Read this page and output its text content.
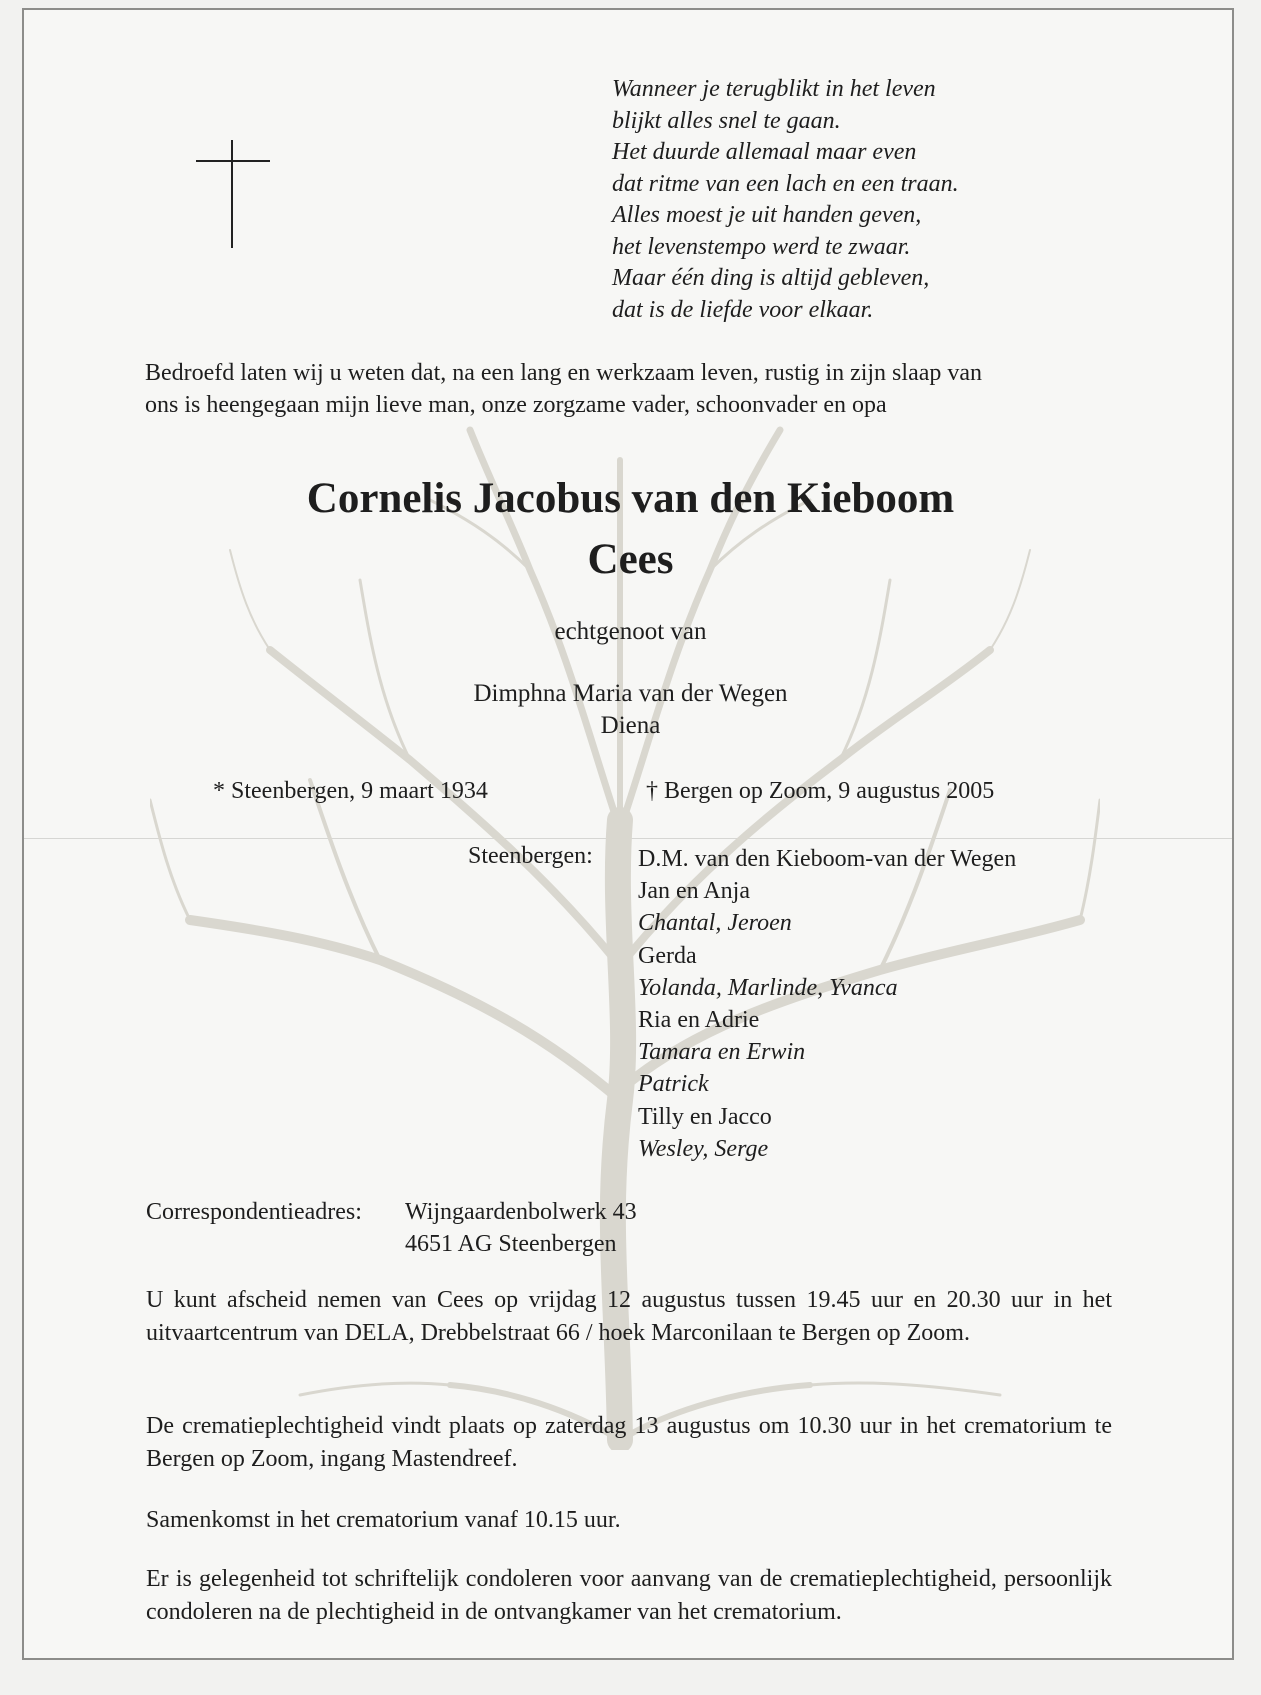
Wanneer je terugblikt in het leven
blijkt alles snel te gaan.
Het duurde allemaal maar even
dat ritme van een lach en een traan.
Alles moest je uit handen geven,
het levenstempo werd te zwaar.
Maar één ding is altijd gebleven,
dat is de liefde voor elkaar.
Bedroefd laten wij u weten dat, na een lang en werkzaam leven, rustig in zijn slaap van
ons is heengegaan mijn lieve man, onze zorgzame vader, schoonvader en opa
Cornelis Jacobus van den Kieboom
Cees
echtgenoot van
Dimphna Maria van der Wegen
Diena
* Steenbergen, 9 maart 1934	† Bergen op Zoom, 9 augustus 2005
Steenbergen: D.M. van den Kieboom-van der Wegen
Jan en Anja
Chantal, Jeroen
Gerda
Yolanda, Marlinde, Yvanca
Ria en Adrie
Tamara en Erwin
Patrick
Tilly en Jacco
Wesley, Serge
Correspondentieadres: Wijngaardenbolwerk 43
4651 AG Steenbergen
U kunt afscheid nemen van Cees op vrijdag 12 augustus tussen 19.45 uur en 20.30 uur in het uitvaartcentrum van DELA, Drebbelstraat 66 / hoek Marconilaan te Bergen op Zoom.
De crematieplechtigheid vindt plaats op zaterdag 13 augustus om 10.30 uur in het crematorium te Bergen op Zoom, ingang Mastendreef.
Samenkomst in het crematorium vanaf 10.15 uur.
Er is gelegenheid tot schriftelijk condoleren voor aanvang van de crematieplechtigheid, persoonlijk condoleren na de plechtigheid in de ontvangkamer van het crematorium.
